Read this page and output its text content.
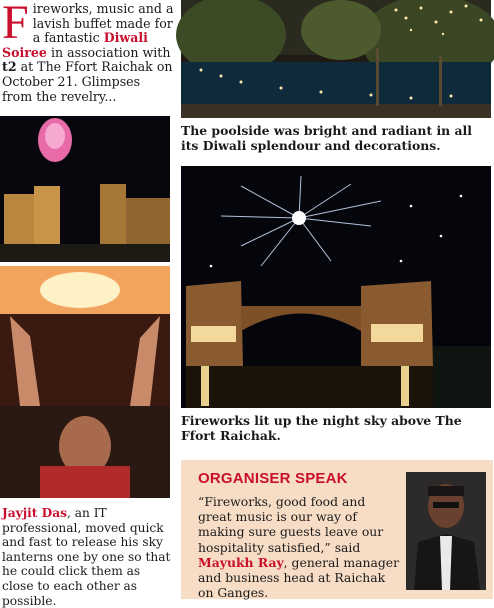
Fireworks, music and a lavish buffet made for a fantastic Diwali Soiree in association with t2 at The Ffort Raichak on October 21. Glimpses from the revelry...
The poolside was bright and radiant in all its Diwali splendour and decorations.
Jayjit Das, an IT professional, moved quick and fast to release his sky lanterns one by one so that he could click them as close to each other as possible.
Fireworks lit up the night sky above The Ffort Raichak.
ORGANISER SPEAK
“Fireworks, good food and great music is our way of making sure guests leave our hospitality satisfied,” said Mayukh Ray, general manager and business head at Raichak on Ganges.
